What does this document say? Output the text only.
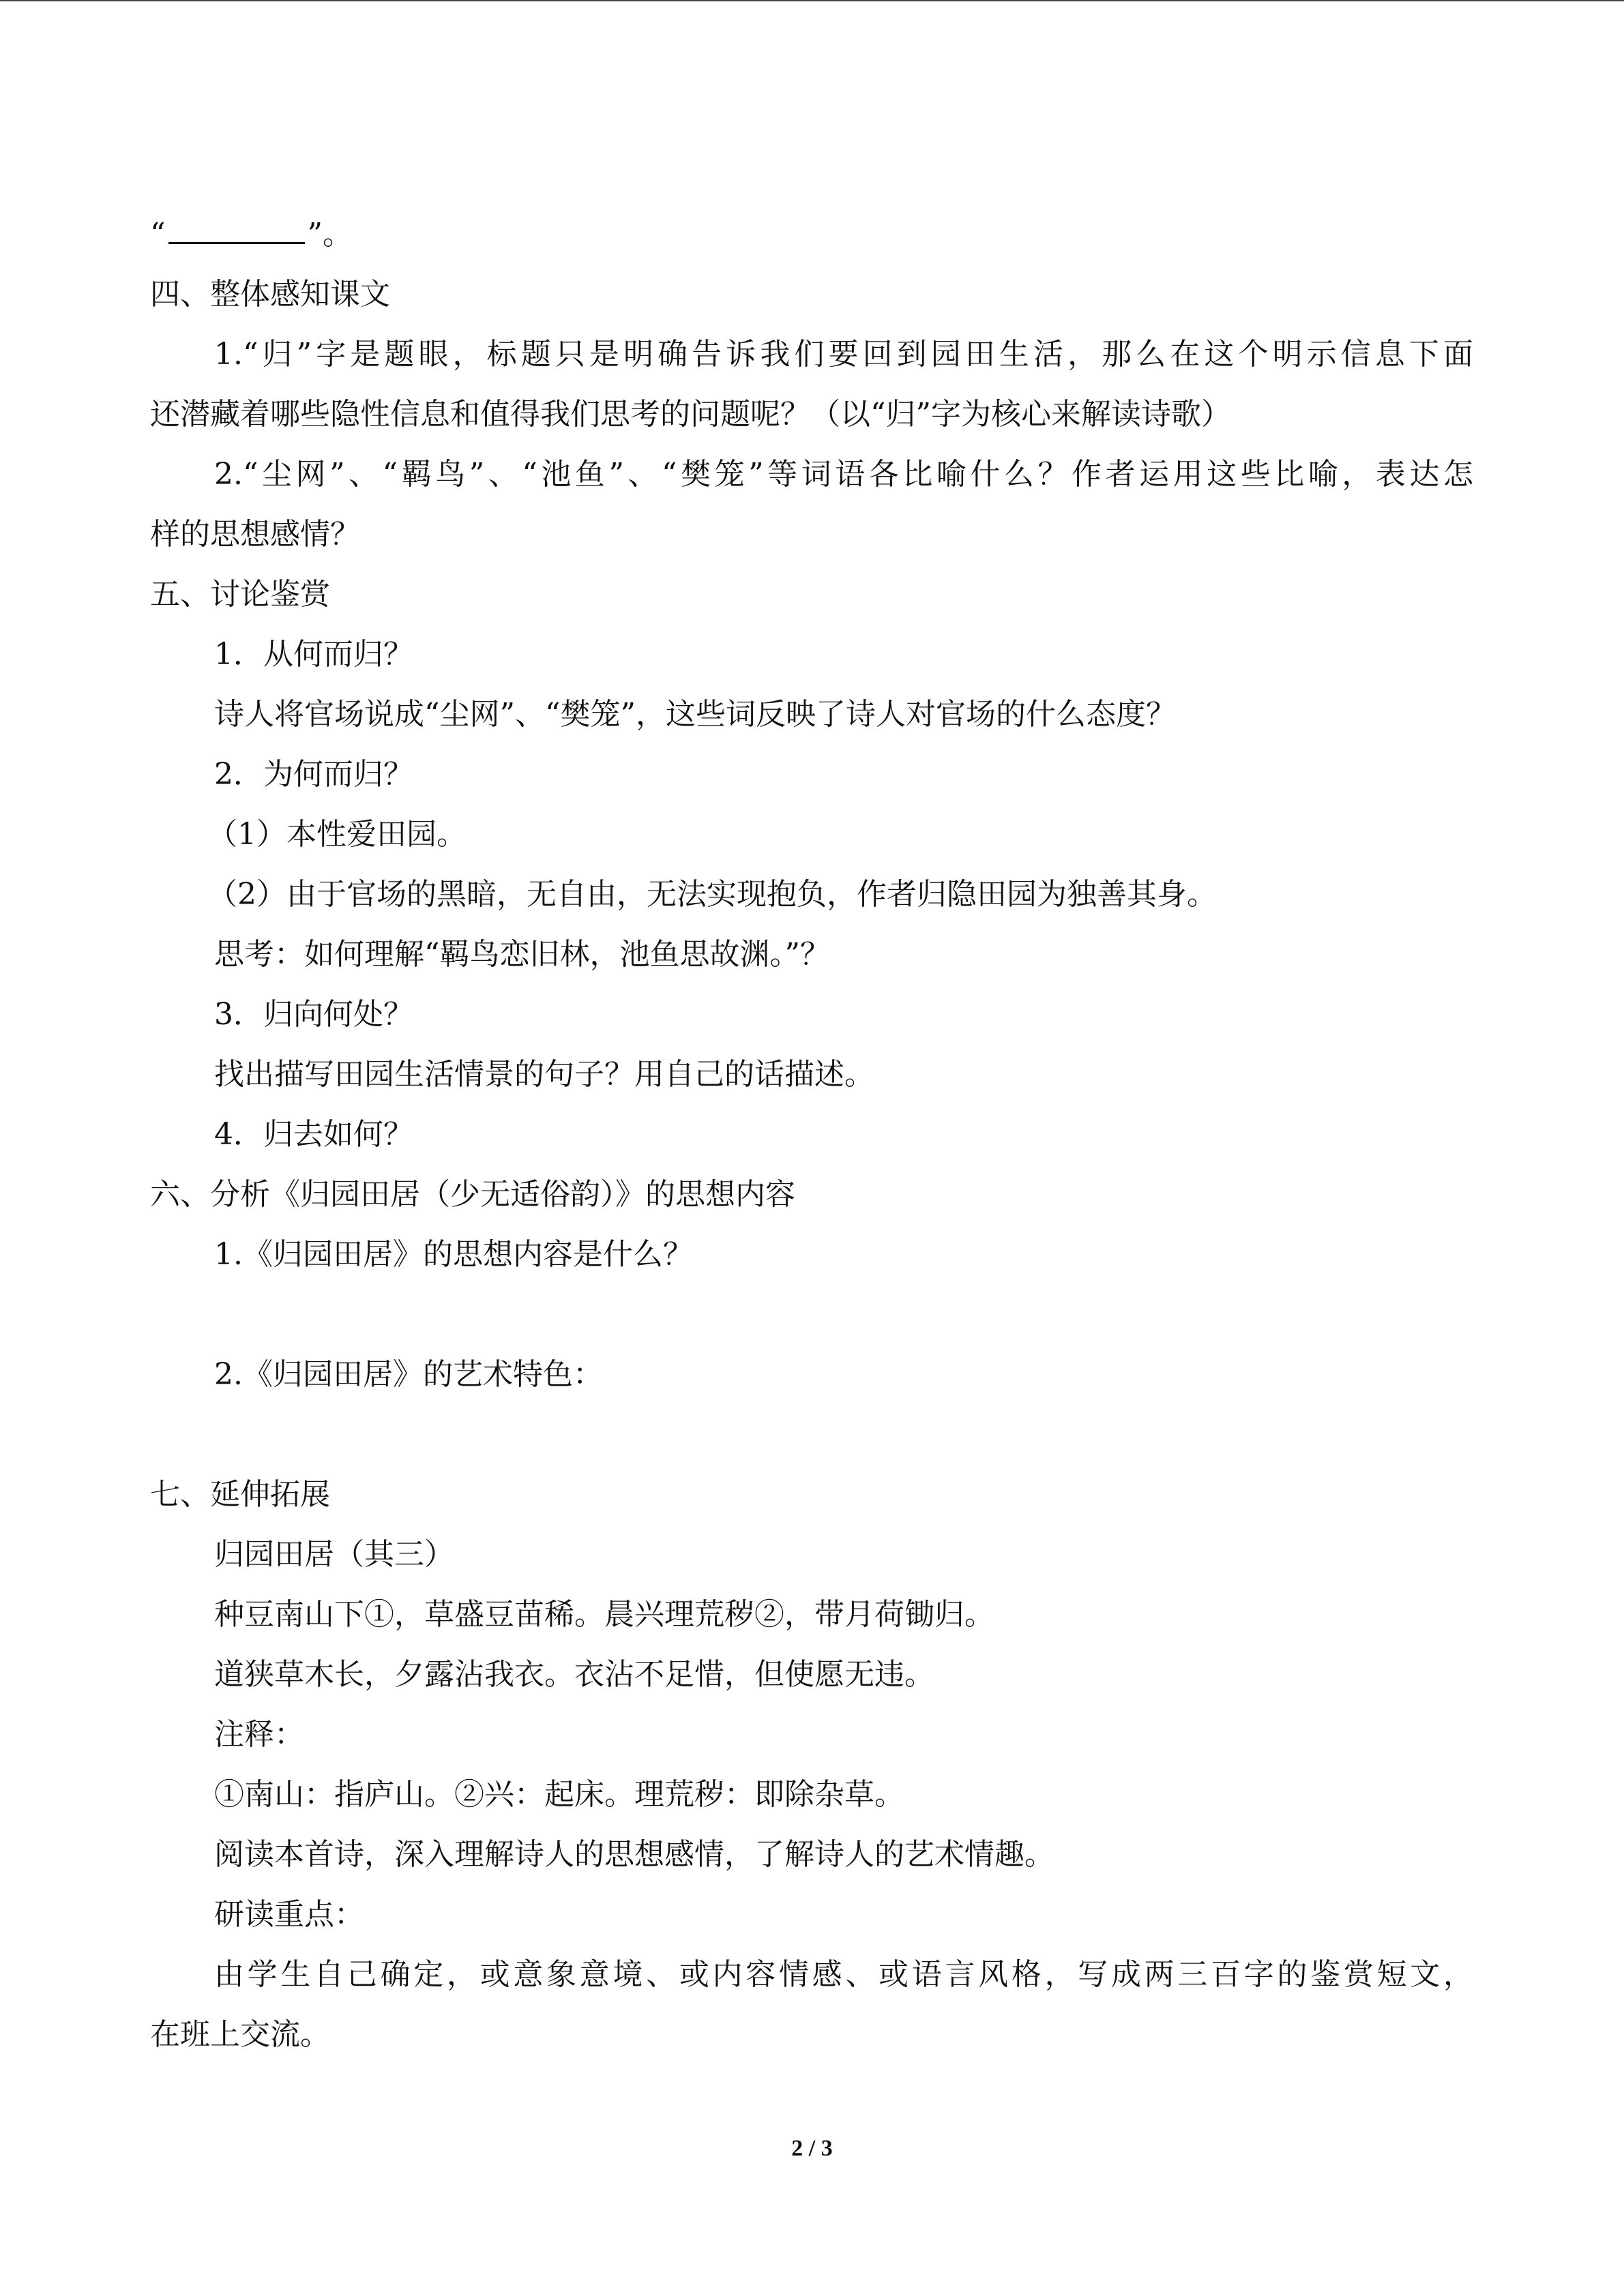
“	”。
四、整体感知课文
1.“归”字是题眼，标题只是明确告诉我们要回到园田生活，那么在这个明示信息下面
还潜藏着哪些隐性信息和值得我们思考的问题呢？（以“归”字为核心来解读诗歌）
2.“尘网”、“羁鸟”、“池鱼”、“樊笼”等词语各比喻什么？作者运用这些比喻，表达怎
样的思想感情？
五、讨论鉴赏
1．从何而归？
诗人将官场说成“尘网”、“樊笼”，这些词反映了诗人对官场的什么态度？
2．为何而归？
（1）本性爱田园。
（2）由于官场的黑暗，无自由，无法实现抱负，作者归隐田园为独善其身。
思考：如何理解“羁鸟恋旧林，池鱼思故渊。”？
3．归向何处？
找出描写田园生活情景的句子？用自己的话描述。
4．归去如何？
六、分析《归园田居（少无适俗韵）》的思想内容
1.《归园田居》的思想内容是什么？
2.《归园田居》的艺术特色：
七、延伸拓展
归园田居（其三）
种豆南山下①，草盛豆苗稀。晨兴理荒秽②，带月荷锄归。
道狭草木长，夕露沾我衣。衣沾不足惜，但使愿无违。
注释：
①南山：指庐山。②兴：起床。理荒秽：即除杂草。
阅读本首诗，深入理解诗人的思想感情，了解诗人的艺术情趣。
研读重点：
由学生自己确定，或意象意境、或内容情感、或语言风格，写成两三百字的鉴赏短文，
在班上交流。
2 / 3
